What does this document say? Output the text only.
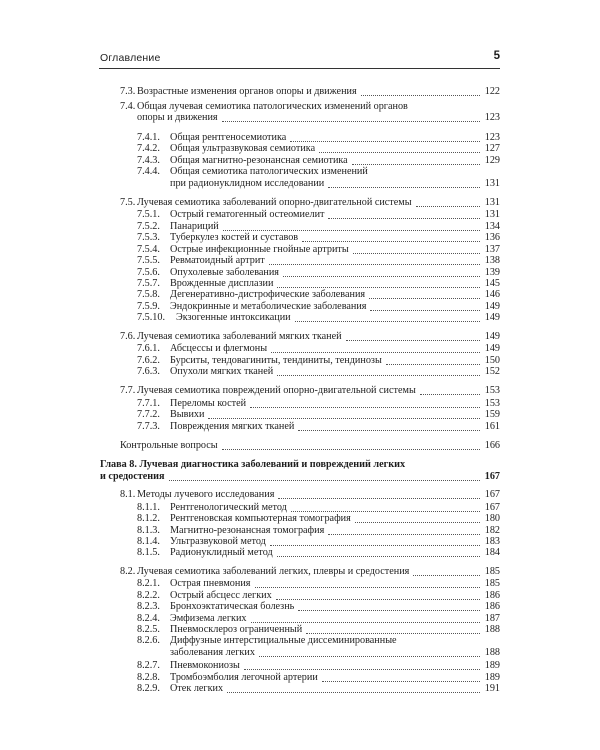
Оглавление	5
7.3. Возрастные изменения органов опоры и движения	122
7.4. Общая лучевая семиотика патологических изменений органов
опоры и движения	123
7.4.1. Общая рентгеносемиотика	123
7.4.2. Общая ультразвуковая семиотика	127
7.4.3. Общая магнитно-резонансная семиотика	129
7.4.4. Общая семиотика патологических изменений
при радионуклидном исследовании	131
7.5. Лучевая семиотика заболеваний опорно-двигательной системы	131
7.5.1. Острый гематогенный остеомиелит	131
7.5.2. Панариций	134
7.5.3. Туберкулез костей и суставов	136
7.5.4. Острые инфекционные гнойные артриты	137
7.5.5. Ревматоидный артрит	138
7.5.6. Опухолевые заболевания	139
7.5.7. Врожденные дисплазии	145
7.5.8. Дегенеративно-дистрофические заболевания	146
7.5.9. Эндокринные и метаболические заболевания	149
7.5.10. Экзогенные интоксикации	149
7.6. Лучевая семиотика заболеваний мягких тканей	149
7.6.1. Абсцессы и флегмоны	149
7.6.2. Бурситы, тендовагиниты, тендиниты, тендинозы	150
7.6.3. Опухоли мягких тканей	152
7.7. Лучевая семиотика повреждений опорно-двигательной системы	153
7.7.1. Переломы костей	153
7.7.2. Вывихи	159
7.7.3. Повреждения мягких тканей	161
Контрольные вопросы	166
Глава 8. Лучевая диагностика заболеваний и повреждений легких
и средостения	167
8.1. Методы лучевого исследования	167
8.1.1. Рентгенологический метод	167
8.1.2. Рентгеновская компьютерная томография	180
8.1.3. Магнитно-резонансная томография	182
8.1.4. Ультразвуковой метод	183
8.1.5. Радионуклидный метод	184
8.2. Лучевая семиотика заболеваний легких, плевры и средостения	185
8.2.1. Острая пневмония	185
8.2.2. Острый абсцесс легких	186
8.2.3. Бронхоэктатическая болезнь	186
8.2.4. Эмфизема легких	187
8.2.5. Пневмосклероз ограниченный	188
8.2.6. Диффузные интерстициальные диссеминированные
заболевания легких	188
8.2.7. Пневмокониозы	189
8.2.8. Тромбоэмболия легочной артерии	189
8.2.9. Отек легких	191
